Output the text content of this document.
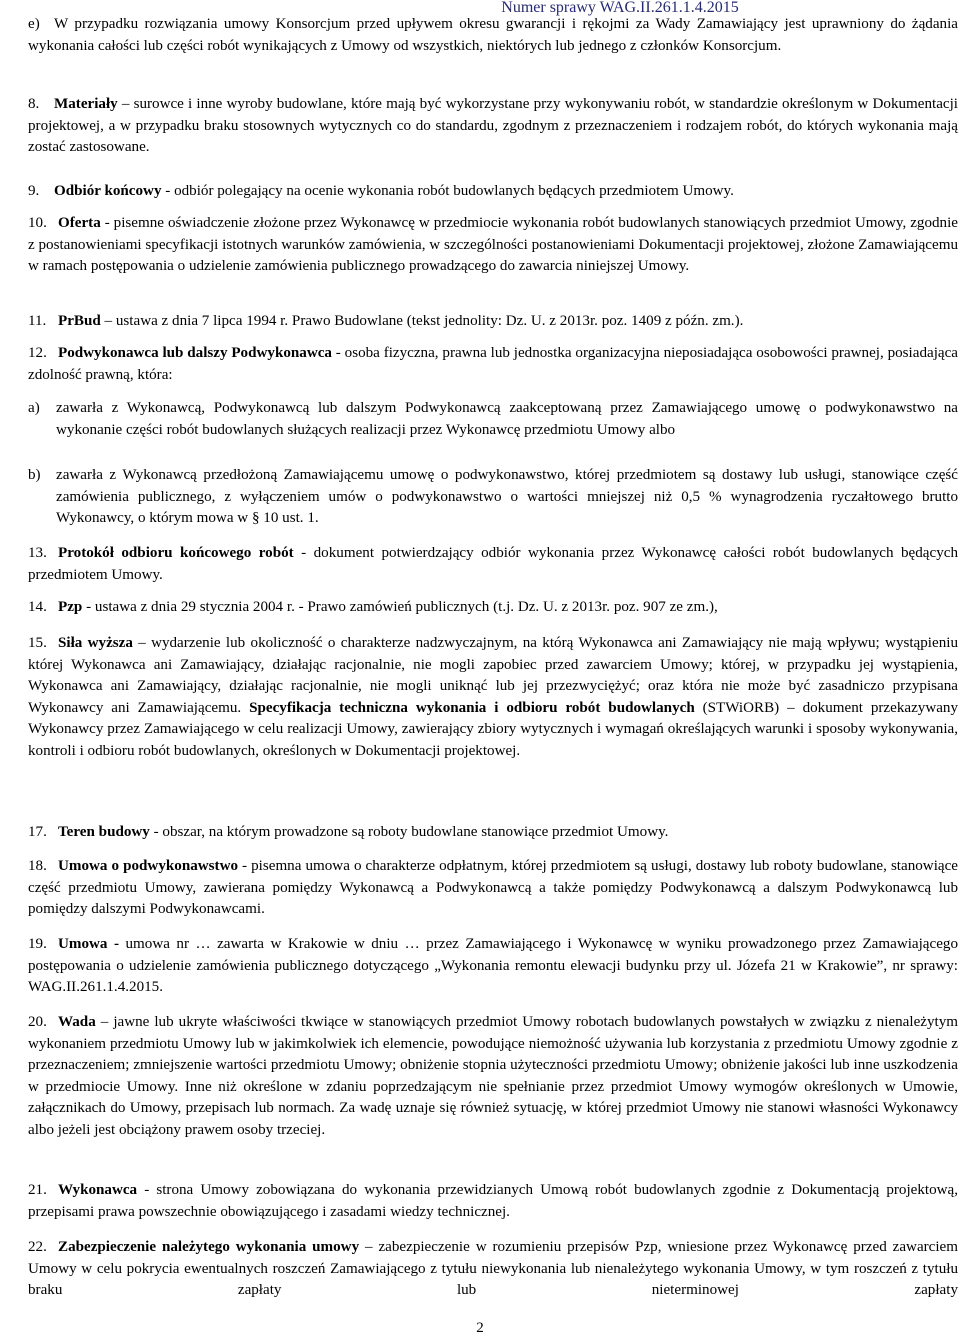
Numer sprawy WAG.II.261.1.4.2015
e) W przypadku rozwiązania umowy Konsorcjum przed upływem okresu gwarancji i rękojmi za Wady Zamawiający jest uprawniony do żądania wykonania całości lub części robót wynikających z Umowy od wszystkich, niektórych lub jednego z członków Konsorcjum.
8. Materiały – surowce i inne wyroby budowlane, które mają być wykorzystane przy wykonywaniu robót, w standardzie określonym w Dokumentacji projektowej, a w przypadku braku stosownych wytycznych co do standardu, zgodnym z przeznaczeniem i rodzajem robót, do których wykonania mają zostać zastosowane.
9. Odbiór końcowy - odbiór polegający na ocenie wykonania robót budowlanych będących przedmiotem Umowy.
10. Oferta - pisemne oświadczenie złożone przez Wykonawcę w przedmiocie wykonania robót budowlanych stanowiących przedmiot Umowy, zgodnie z postanowieniami specyfikacji istotnych warunków zamówienia, w szczególności postanowieniami Dokumentacji projektowej, złożone Zamawiającemu w ramach postępowania o udzielenie zamówienia publicznego prowadzącego do zawarcia niniejszej Umowy.
11. PrBud – ustawa z dnia 7 lipca 1994 r. Prawo Budowlane (tekst jednolity: Dz. U. z 2013r. poz. 1409 z późn. zm.).
12. Podwykonawca lub dalszy Podwykonawca - osoba fizyczna, prawna lub jednostka organizacyjna nieposiadająca osobowości prawnej, posiadająca zdolność prawną, która:
a) zawarła z Wykonawcą, Podwykonawcą lub dalszym Podwykonawcą zaakceptowaną przez Zamawiającego umowę o podwykonawstwo na wykonanie części robót budowlanych służących realizacji przez Wykonawcę przedmiotu Umowy albo
b) zawarła z Wykonawcą przedłożoną Zamawiającemu umowę o podwykonawstwo, której przedmiotem są dostawy lub usługi, stanowiące część zamówienia publicznego, z wyłączeniem umów o podwykonawstwo o wartości mniejszej niż 0,5 % wynagrodzenia ryczałtowego brutto Wykonawcy, o którym mowa w § 10 ust. 1.
13. Protokół odbioru końcowego robót - dokument potwierdzający odbiór wykonania przez Wykonawcę całości robót budowlanych będących przedmiotem Umowy.
14. Pzp - ustawa z dnia 29 stycznia 2004 r. - Prawo zamówień publicznych (t.j. Dz. U. z 2013r. poz. 907 ze zm.),
15. Siła wyższa – wydarzenie lub okoliczność o charakterze nadzwyczajnym, na którą Wykonawca ani Zamawiający nie mają wpływu; wystąpieniu której Wykonawca ani Zamawiający, działając racjonalnie, nie mogli zapobiec przed zawarciem Umowy; której, w przypadku jej wystąpienia, Wykonawca ani Zamawiający, działając racjonalnie, nie mogli uniknąć lub jej przezwyciężyć; oraz która nie może być zasadniczo przypisana Wykonawcy ani Zamawiającemu. Specyfikacja techniczna wykonania i odbioru robót budowlanych (STWiORB) – dokument przekazywany Wykonawcy przez Zamawiającego w celu realizacji Umowy, zawierający zbiory wytycznych i wymagań określających warunki i sposoby wykonywania, kontroli i odbioru robót budowlanych, określonych w Dokumentacji projektowej.
17. Teren budowy - obszar, na którym prowadzone są roboty budowlane stanowiące przedmiot Umowy.
18. Umowa o podwykonawstwo - pisemna umowa o charakterze odpłatnym, której przedmiotem są usługi, dostawy lub roboty budowlane, stanowiące część przedmiotu Umowy, zawierana pomiędzy Wykonawcą a Podwykonawcą a także pomiędzy Podwykonawcą a dalszym Podwykonawcą lub pomiędzy dalszymi Podwykonawcami.
19. Umowa - umowa nr … zawarta w Krakowie w dniu … przez Zamawiającego i Wykonawcę w wyniku prowadzonego przez Zamawiającego postępowania o udzielenie zamówienia publicznego dotyczącego „Wykonania remontu elewacji budynku przy ul. Józefa 21 w Krakowie”, nr sprawy: WAG.II.261.1.4.2015.
20. Wada – jawne lub ukryte właściwości tkwiące w stanowiących przedmiot Umowy robotach budowlanych powstałych w związku z nienależytym wykonaniem przedmiotu Umowy lub w jakimkolwiek ich elemencie, powodujące niemożność używania lub korzystania z przedmiotu Umowy zgodnie z przeznaczeniem; zmniejszenie wartości przedmiotu Umowy; obniżenie stopnia użyteczności przedmiotu Umowy; obniżenie jakości lub inne uszkodzenia w przedmiocie Umowy. Inne niż określone w zdaniu poprzedzającym nie spełnianie przez przedmiot Umowy wymogów określonych w Umowie, załącznikach do Umowy, przepisach lub normach. Za wadę uznaje się również sytuację, w której przedmiot Umowy nie stanowi własności Wykonawcy albo jeżeli jest obciążony prawem osoby trzeciej.
21. Wykonawca - strona Umowy zobowiązana do wykonania przewidzianych Umową robót budowlanych zgodnie z Dokumentacją projektową, przepisami prawa powszechnie obowiązującego i zasadami wiedzy technicznej.
22. Zabezpieczenie należytego wykonania umowy – zabezpieczenie w rozumieniu przepisów Pzp, wniesione przez Wykonawcę przed zawarciem Umowy w celu pokrycia ewentualnych roszczeń Zamawiającego z tytułu niewykonania lub nienależytego wykonania Umowy, w tym roszczeń z tytułu braku zapłaty lub nieterminowej zapłaty
2
